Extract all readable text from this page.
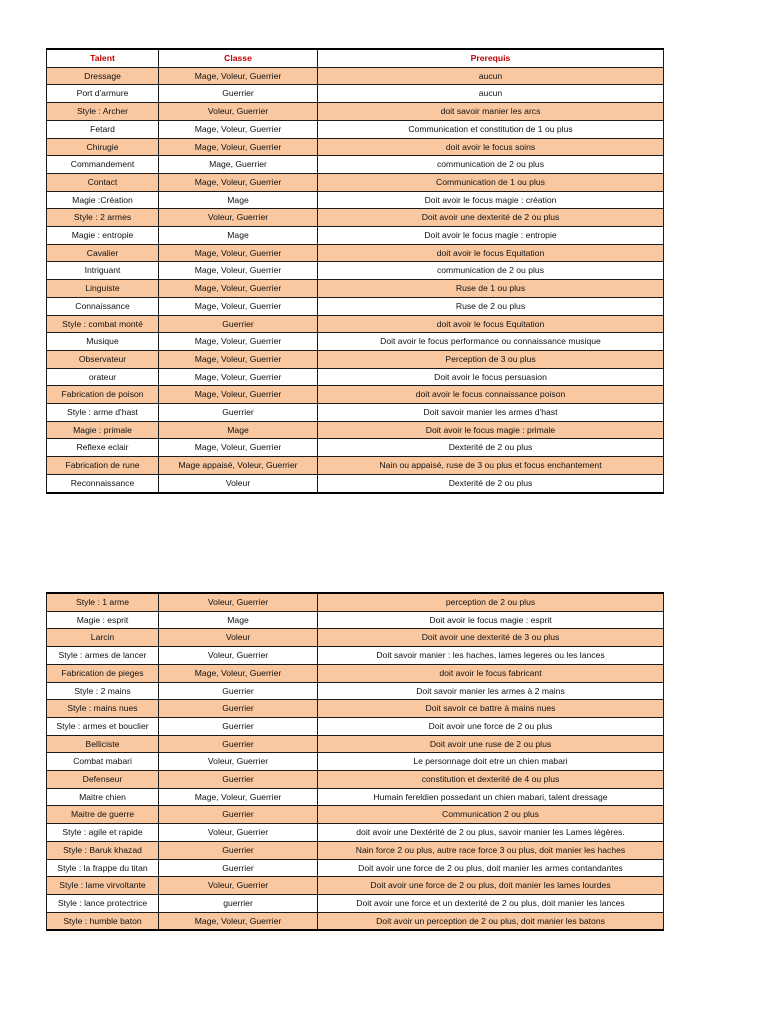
Talent	Classe	Prerequis
Dressage	Mage, Voleur, Guerrier	aucun
Port d'armure	Guerrier	aucun
Style : Archer	Voleur, Guerrier	doit savoir manier les arcs
Fetard	Mage, Voleur, Guerrier	Communication et constitution de 1 ou plus
Chirugie	Mage, Voleur, Guerrier	doit avoir le focus soins
Commandement	Mage, Guerrier	communication de 2 ou plus
Contact	Mage, Voleur, Guerrier	Communication de 1 ou plus
Magie :Création	Mage	Doit avoir le focus magie : création
Style : 2 armes	Voleur, Guerrier	Doit avoir une dexterité de 2 ou plus
Magie : entropie	Mage	Doit avoir le focus magie : entropie
Cavalier	Mage, Voleur, Guerrier	doit avoir le focus Equitation
Intriguant	Mage, Voleur, Guerrier	communication de 2 ou plus
Linguiste	Mage, Voleur, Guerrier	Ruse de 1 ou plus
Connaissance	Mage, Voleur, Guerrier	Ruse de 2 ou plus
Style : combat monté	Guerrier	doit avoir le focus Equitation
Musique	Mage, Voleur, Guerrier	Doit avoir le focus performance ou connaissance musique
Observateur	Mage, Voleur, Guerrier	Perception de 3 ou plus
orateur	Mage, Voleur, Guerrier	Doit avoir le focus persuasion
Fabrication de poison	Mage, Voleur, Guerrier	doit avoir le focus connaissance poison
Style : arme d'hast	Guerrier	Doit savoir manier les armes d'hast
Magie : primale	Mage	Doit avoir le focus magie : primale
Reflexe eclair	Mage, Voleur, Guerrier	Dexterité de 2 ou plus
Fabrication de rune	Mage appaisé, Voleur, Guerrier	Nain ou appaisé, ruse de 3 ou plus et focus enchantement
Reconnaissance	Voleur	Dexterité de 2 ou plus
Style : 1 arme	Voleur, Guerrier	perception de 2 ou plus
Magie : esprit	Mage	Doit avoir le focus magie : esprit
Larcin	Voleur	Doit avoir une dexterité de 3 ou plus
Style : armes de lancer	Voleur, Guerrier	Doit savoir manier : les haches, lames legeres ou les lances
Fabrication de pieges	Mage, Voleur, Guerrier	doit avoir le focus fabricant
Style : 2 mains	Guerrier	Doit savoir manier les armes à 2 mains
Style : mains nues	Guerrier	Doit savoir ce battre à mains nues
Style : armes et bouclier	Guerrier	Doit avoir une force de 2 ou plus
Belliciste	Guerrier	Doit avoir une ruse de 2 ou plus
Combat mabari	Voleur, Guerrier	Le personnage doit etre un chien mabari
Defenseur	Guerrier	constitution et dexterité de 4 ou plus
Maitre chien	Mage, Voleur, Guerrier	Humain fereldien possedant un chien mabari, talent dressage
Maitre de guerre	Guerrier	Communication 2 ou plus
Style : agile et rapide	Voleur, Guerrier	doit avoir une Dextérité de 2 ou plus, savoir manier les Lames légères.
Style : Baruk khazad	Guerrier	Nain force 2 ou plus, autre race force 3 ou plus, doit manier les haches
Style : la frappe du titan	Guerrier	Doit avoir une force de 2 ou plus, doit manier les armes contandantes
Style : lame virvoltante	Voleur, Guerrier	Doit avoir une force de 2 ou plus, doit manier les lames lourdes
Style : lance protectrice	guerrier	Doit avoir une force et un dexterité de 2 ou plus, doit manier les lances
Style : humble baton	Mage, Voleur, Guerrier	Doit avoir un perception de 2 ou plus, doit manier les batons
